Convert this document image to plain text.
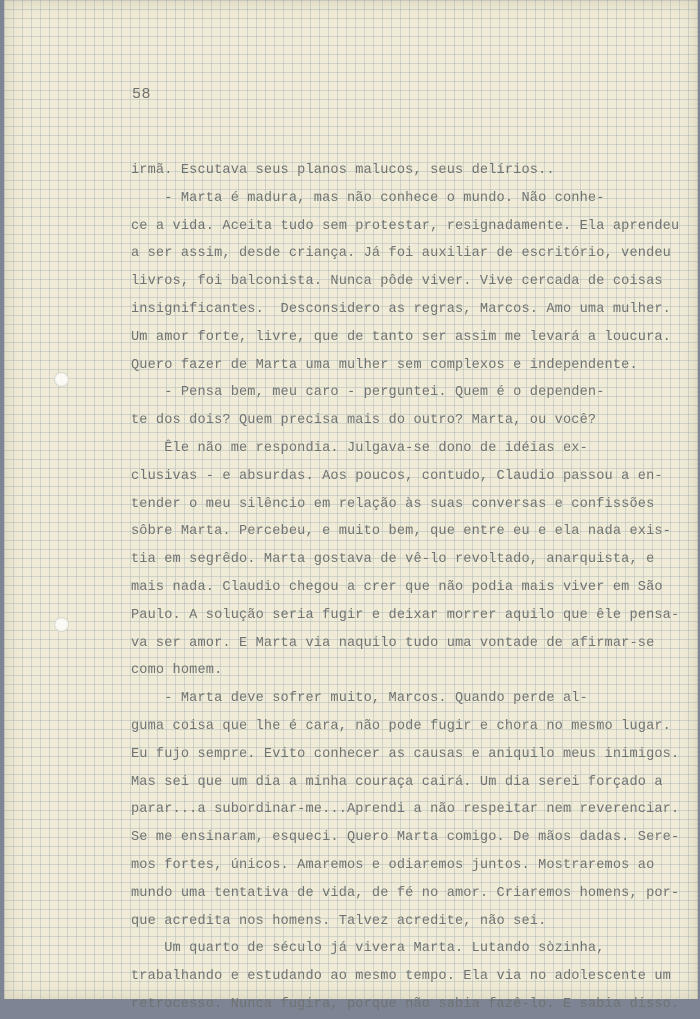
58
irmã. Escutava seus planos malucos, seus delírios..
- Marta é madura, mas não conhece o mundo. Não conhe-
ce a vida. Aceita tudo sem protestar, resignadamente. Ela aprendeu
a ser assim, desde criança. Já foi auxiliar de escritório, vendeu
livros, foi balconista. Nunca pôde viver. Vive cercada de coisas
insignificantes.  Desconsidero as regras, Marcos. Amo uma mulher.
Um amor forte, livre, que de tanto ser assim me levará a loucura.
Quero fazer de Marta uma mulher sem complexos e independente.
- Pensa bem, meu caro - perguntei. Quem é o dependen-
te dos dois? Quem precisa mais do outro? Marta, ou você?
Êle não me respondia. Julgava-se dono de idéias ex-
clusivas - e absurdas. Aos poucos, contudo, Claudio passou a en-
tender o meu silêncio em relação às suas conversas e confissões
sôbre Marta. Percebeu, e muito bem, que entre eu e ela nada exis-
tia em segrêdo. Marta gostava de vê-lo revoltado, anarquista, e
mais nada. Claudio chegou a crer que não podia mais viver em São
Paulo. A solução seria fugir e deixar morrer aquilo que êle pensa-
va ser amor. E Marta via naquilo tudo uma vontade de afirmar-se
como homem.
- Marta deve sofrer muito, Marcos. Quando perde al-
guma coisa que lhe é cara, não pode fugir e chora no mesmo lugar.
Eu fujo sempre. Evito conhecer as causas e aniquilo meus inimigos.
Mas sei que um dia a minha couraça cairá. Um dia serei forçado a
parar...a subordinar-me...Aprendi a não respeitar nem reverenciar.
Se me ensinaram, esqueci. Quero Marta comigo. De mãos dadas. Sere-
mos fortes, únicos. Amaremos e odiaremos juntos. Mostraremos ao
mundo uma tentativa de vida, de fé no amor. Criaremos homens, por-
que acredita nos homens. Talvez acredite, não sei.
Um quarto de século já vivera Marta. Lutando sòzinha,
trabalhando e estudando ao mesmo tempo. Ela via no adolescente um
retrocesso. Nunca fugira, porque não sabia fazê-lo. E sabia disso.
